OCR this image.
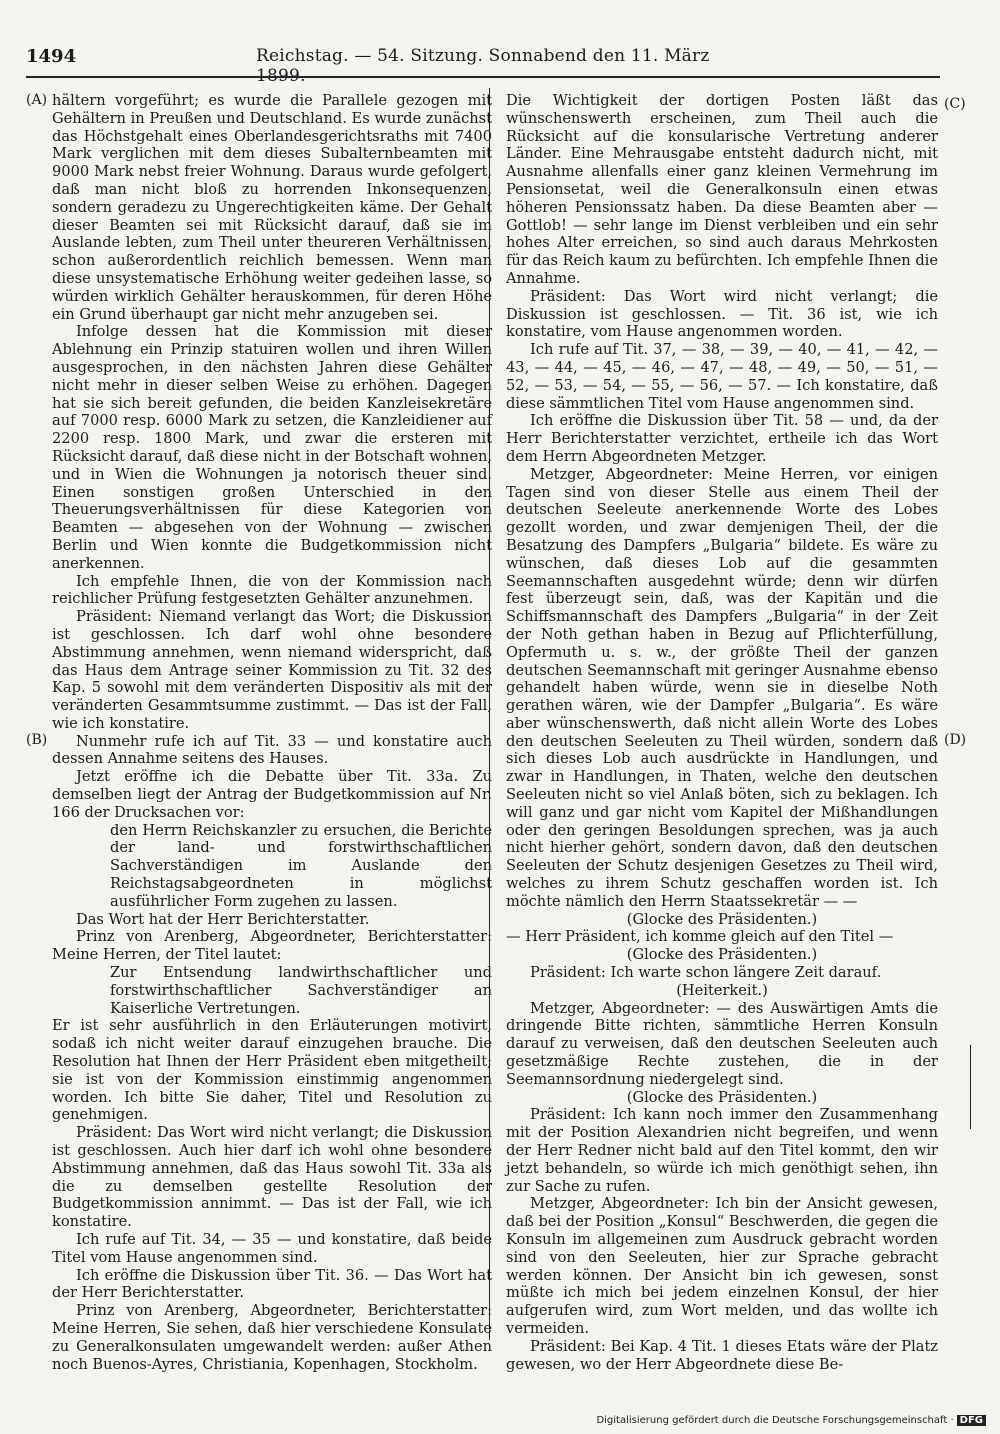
1494	Reichstag. — 54. Sitzung. Sonnabend den 11. März 1899.
(A)
(B)
(C)
(D)

hältern vorgeführt; es wurde die Parallele gezogen mit Gehältern in Preußen und Deutschland. Es wurde zunächst das Höchstgehalt eines Oberlandesgerichtsraths mit 7400 Mark verglichen mit dem dieses Subalternbeamten mit 9000 Mark nebst freier Wohnung. Daraus wurde gefolgert, daß man nicht bloß zu horrenden Inkonsequenzen, sondern geradezu zu Ungerechtigkeiten käme. Der Gehalt dieser Beamten sei mit Rücksicht darauf, daß sie im Auslande lebten, zum Theil unter theureren Verhältnissen, schon außerordentlich reichlich bemessen. Wenn man diese unsystematische Erhöhung weiter gedeihen lasse, so würden wirklich Gehälter herauskommen, für deren Höhe ein Grund überhaupt gar nicht mehr anzugeben sei.

Infolge dessen hat die Kommission mit dieser Ablehnung ein Prinzip statuiren wollen und ihren Willen ausgesprochen, in den nächsten Jahren diese Gehälter nicht mehr in dieser selben Weise zu erhöhen. Dagegen hat sie sich bereit gefunden, die beiden Kanzleisekretäre auf 7000 resp. 6000 Mark zu setzen, die Kanzleidiener auf 2200 resp. 1800 Mark, und zwar die ersteren mit Rücksicht darauf, daß diese nicht in der Botschaft wohnen, und in Wien die Wohnungen ja notorisch theuer sind. Einen sonstigen großen Unterschied in den Theuerungsverhältnissen für diese Kategorien von Beamten — abgesehen von der Wohnung — zwischen Berlin und Wien konnte die Budgetkommission nicht anerkennen.

Ich empfehle Ihnen, die von der Kommission nach reichlicher Prüfung festgesetzten Gehälter anzunehmen.

Präsident: Niemand verlangt das Wort; die Diskussion ist geschlossen. Ich darf wohl ohne besondere Abstimmung annehmen, wenn niemand widerspricht, daß das Haus dem Antrage seiner Kommission zu Tit. 32 des Kap. 5 sowohl mit dem veränderten Dispositiv als mit der veränderten Gesammtsumme zustimmt. — Das ist der Fall, wie ich konstatire.

Nunmehr rufe ich auf Tit. 33 — und konstatire auch dessen Annahme seitens des Hauses.

Jetzt eröffne ich die Debatte über Tit. 33a. Zu demselben liegt der Antrag der Budgetkommission auf Nr. 166 der Drucksachen vor:

den Herrn Reichskanzler zu ersuchen, die Berichte der land- und forstwirthschaftlichen Sachverständigen im Auslande den Reichstagsabgeordneten in möglichst ausführlicher Form zugehen zu lassen.

Das Wort hat der Herr Berichterstatter.

Prinz von Arenberg, Abgeordneter, Berichterstatter: Meine Herren, der Titel lautet:

Zur Entsendung landwirthschaftlicher und forstwirthschaftlicher Sachverständiger an Kaiserliche Vertretungen.

Er ist sehr ausführlich in den Erläuterungen motivirt, sodaß ich nicht weiter darauf einzugehen brauche. Die Resolution hat Ihnen der Herr Präsident eben mitgetheilt; sie ist von der Kommission einstimmig angenommen worden. Ich bitte Sie daher, Titel und Resolution zu genehmigen.

Präsident: Das Wort wird nicht verlangt; die Diskussion ist geschlossen. Auch hier darf ich wohl ohne besondere Abstimmung annehmen, daß das Haus sowohl Tit. 33a als die zu demselben gestellte Resolution der Budgetkommission annimmt. — Das ist der Fall, wie ich konstatire.

Ich rufe auf Tit. 34, — 35 — und konstatire, daß beide Titel vom Hause angenommen sind.

Ich eröffne die Diskussion über Tit. 36. — Das Wort hat der Herr Berichterstatter.

Prinz von Arenberg, Abgeordneter, Berichterstatter: Meine Herren, Sie sehen, daß hier verschiedene Konsulate zu Generalkonsulaten umgewandelt werden: außer Athen noch Buenos-Ayres, Christiania, Kopenhagen, Stockholm.

Die Wichtigkeit der dortigen Posten läßt das wünschenswerth erscheinen, zum Theil auch die Rücksicht auf die konsularische Vertretung anderer Länder. Eine Mehrausgabe entsteht dadurch nicht, mit Ausnahme allenfalls einer ganz kleinen Vermehrung im Pensionsetat, weil die Generalkonsuln einen etwas höheren Pensionssatz haben. Da diese Beamten aber — Gottlob! — sehr lange im Dienst verbleiben und ein sehr hohes Alter erreichen, so sind auch daraus Mehrkosten für das Reich kaum zu befürchten. Ich empfehle Ihnen die Annahme.

Präsident: Das Wort wird nicht verlangt; die Diskussion ist geschlossen. — Tit. 36 ist, wie ich konstatire, vom Hause angenommen worden.

Ich rufe auf Tit. 37, — 38, — 39, — 40, — 41, — 42, — 43, — 44, — 45, — 46, — 47, — 48, — 49, — 50, — 51, — 52, — 53, — 54, — 55, — 56, — 57. — Ich konstatire, daß diese sämmtlichen Titel vom Hause angenommen sind.

Ich eröffne die Diskussion über Tit. 58 — und, da der Herr Berichterstatter verzichtet, ertheile ich das Wort dem Herrn Abgeordneten Metzger.

Metzger, Abgeordneter: Meine Herren, vor einigen Tagen sind von dieser Stelle aus einem Theil der deutschen Seeleute anerkennende Worte des Lobes gezollt worden, und zwar demjenigen Theil, der die Besatzung des Dampfers „Bulgaria“ bildete. Es wäre zu wünschen, daß dieses Lob auf die gesammten Seemannschaften ausgedehnt würde; denn wir dürfen fest überzeugt sein, daß, was der Kapitän und die Schiffsmannschaft des Dampfers „Bulgaria“ in der Zeit der Noth gethan haben in Bezug auf Pflichterfüllung, Opfermuth u. s. w., der größte Theil der ganzen deutschen Seemannschaft mit geringer Ausnahme ebenso gehandelt haben würde, wenn sie in dieselbe Noth gerathen wären, wie der Dampfer „Bulgaria“. Es wäre aber wünschenswerth, daß nicht allein Worte des Lobes den deutschen Seeleuten zu Theil würden, sondern daß sich dieses Lob auch ausdrückte in Handlungen, und zwar in Handlungen, in Thaten, welche den deutschen Seeleuten nicht so viel Anlaß böten, sich zu beklagen. Ich will ganz und gar nicht vom Kapitel der Mißhandlungen oder den geringen Besoldungen sprechen, was ja auch nicht hierher gehört, sondern davon, daß den deutschen Seeleuten der Schutz desjenigen Gesetzes zu Theil wird, welches zu ihrem Schutz geschaffen worden ist. Ich möchte nämlich den Herrn Staatssekretär — —

(Glocke des Präsidenten.)

— Herr Präsident, ich komme gleich auf den Titel —

(Glocke des Präsidenten.)

Präsident: Ich warte schon längere Zeit darauf.

(Heiterkeit.)

Metzger, Abgeordneter: — des Auswärtigen Amts die dringende Bitte richten, sämmtliche Herren Konsuln darauf zu verweisen, daß den deutschen Seeleuten auch gesetzmäßige Rechte zustehen, die in der Seemannsordnung niedergelegt sind.

(Glocke des Präsidenten.)

Präsident: Ich kann noch immer den Zusammenhang mit der Position Alexandrien nicht begreifen, und wenn der Herr Redner nicht bald auf den Titel kommt, den wir jetzt behandeln, so würde ich mich genöthigt sehen, ihn zur Sache zu rufen.

Metzger, Abgeordneter: Ich bin der Ansicht gewesen, daß bei der Position „Konsul“ Beschwerden, die gegen die Konsuln im allgemeinen zum Ausdruck gebracht worden sind von den Seeleuten, hier zur Sprache gebracht werden können. Der Ansicht bin ich gewesen, sonst müßte ich mich bei jedem einzelnen Konsul, der hier aufgerufen wird, zum Wort melden, und das wollte ich vermeiden.

Präsident: Bei Kap. 4 Tit. 1 dieses Etats wäre der Platz gewesen, wo der Herr Abgeordnete diese Be-

Digitalisierung gefördert durch die Deutsche Forschungsgemeinschaft · DFG
